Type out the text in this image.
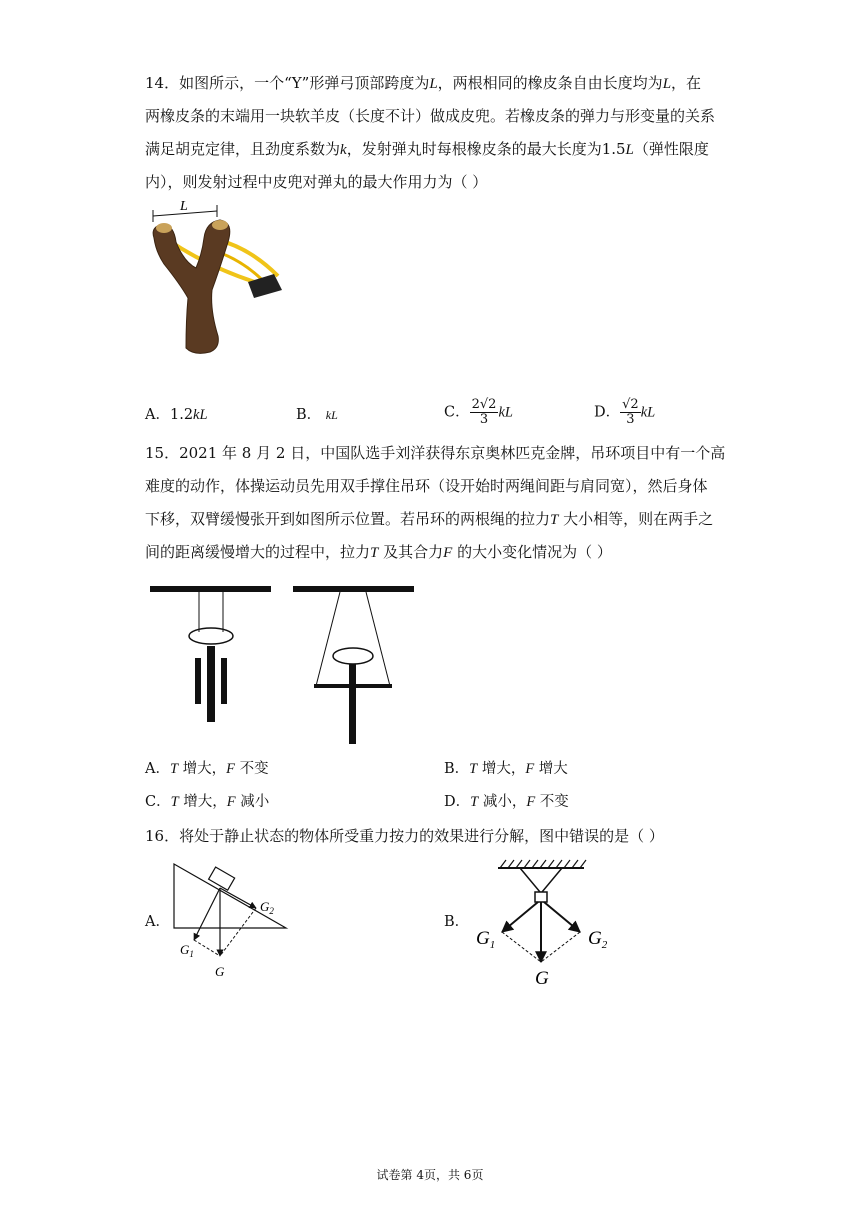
14．如图所示，一个“Y”形弹弓顶部跨度为L，两根相同的橡皮条自由长度均为L，在
两橡皮条的末端用一块软羊皮（长度不计）做成皮兜。若橡皮条的弹力与形变量的关系
满足胡克定律，且劲度系数为k，发射弹丸时每根橡皮条的最大长度为1.5L（弹性限度
内），则发射过程中皮兜对弹丸的最大作用力为（ ）
L
A．1.2kL	B． kL	C． $\frac{2√2}{3}$ kL	D． $\frac{√2}{3}$ kL
15．2021 年 8 月 2 日，中国队选手刘洋获得东京奥林匹克金牌，吊环项目中有一个高
难度的动作，体操运动员先用双手撑住吊环（设开始时两绳间距与肩同宽），然后身体
下移，双臂缓慢张开到如图所示位置。若吊环的两根绳的拉力T 大小相等，则在两手之
间的距离缓慢增大的过程中，拉力T 及其合力F 的大小变化情况为（ ）
A．T 增大，F 不变	B．T 增大，F 增大
C．T 增大，F 减小	D．T 减小，F 不变
16．将处于静止状态的物体所受重力按力的效果进行分解，图中错误的是（ ）
A．
$G_2$
$G_1$
G
B．
$G_1$	$G_2$
G
试卷第 4页，共 6页
